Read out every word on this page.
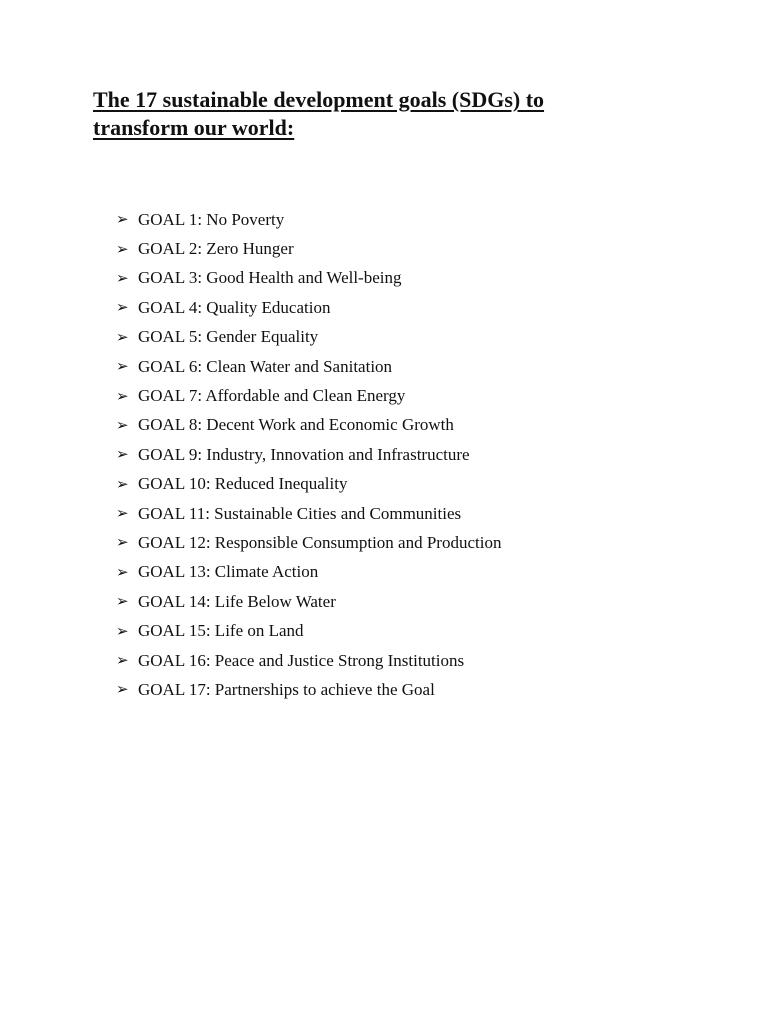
The 17 sustainable development goals (SDGs) to
transform our world:
➢ GOAL 1: No Poverty
➢ GOAL 2: Zero Hunger
➢ GOAL 3: Good Health and Well-being
➢ GOAL 4: Quality Education
➢ GOAL 5: Gender Equality
➢ GOAL 6: Clean Water and Sanitation
➢ GOAL 7: Affordable and Clean Energy
➢ GOAL 8: Decent Work and Economic Growth
➢ GOAL 9: Industry, Innovation and Infrastructure
➢ GOAL 10: Reduced Inequality
➢ GOAL 11: Sustainable Cities and Communities
➢ GOAL 12: Responsible Consumption and Production
➢ GOAL 13: Climate Action
➢ GOAL 14: Life Below Water
➢ GOAL 15: Life on Land
➢ GOAL 16: Peace and Justice Strong Institutions
➢ GOAL 17: Partnerships to achieve the Goal
